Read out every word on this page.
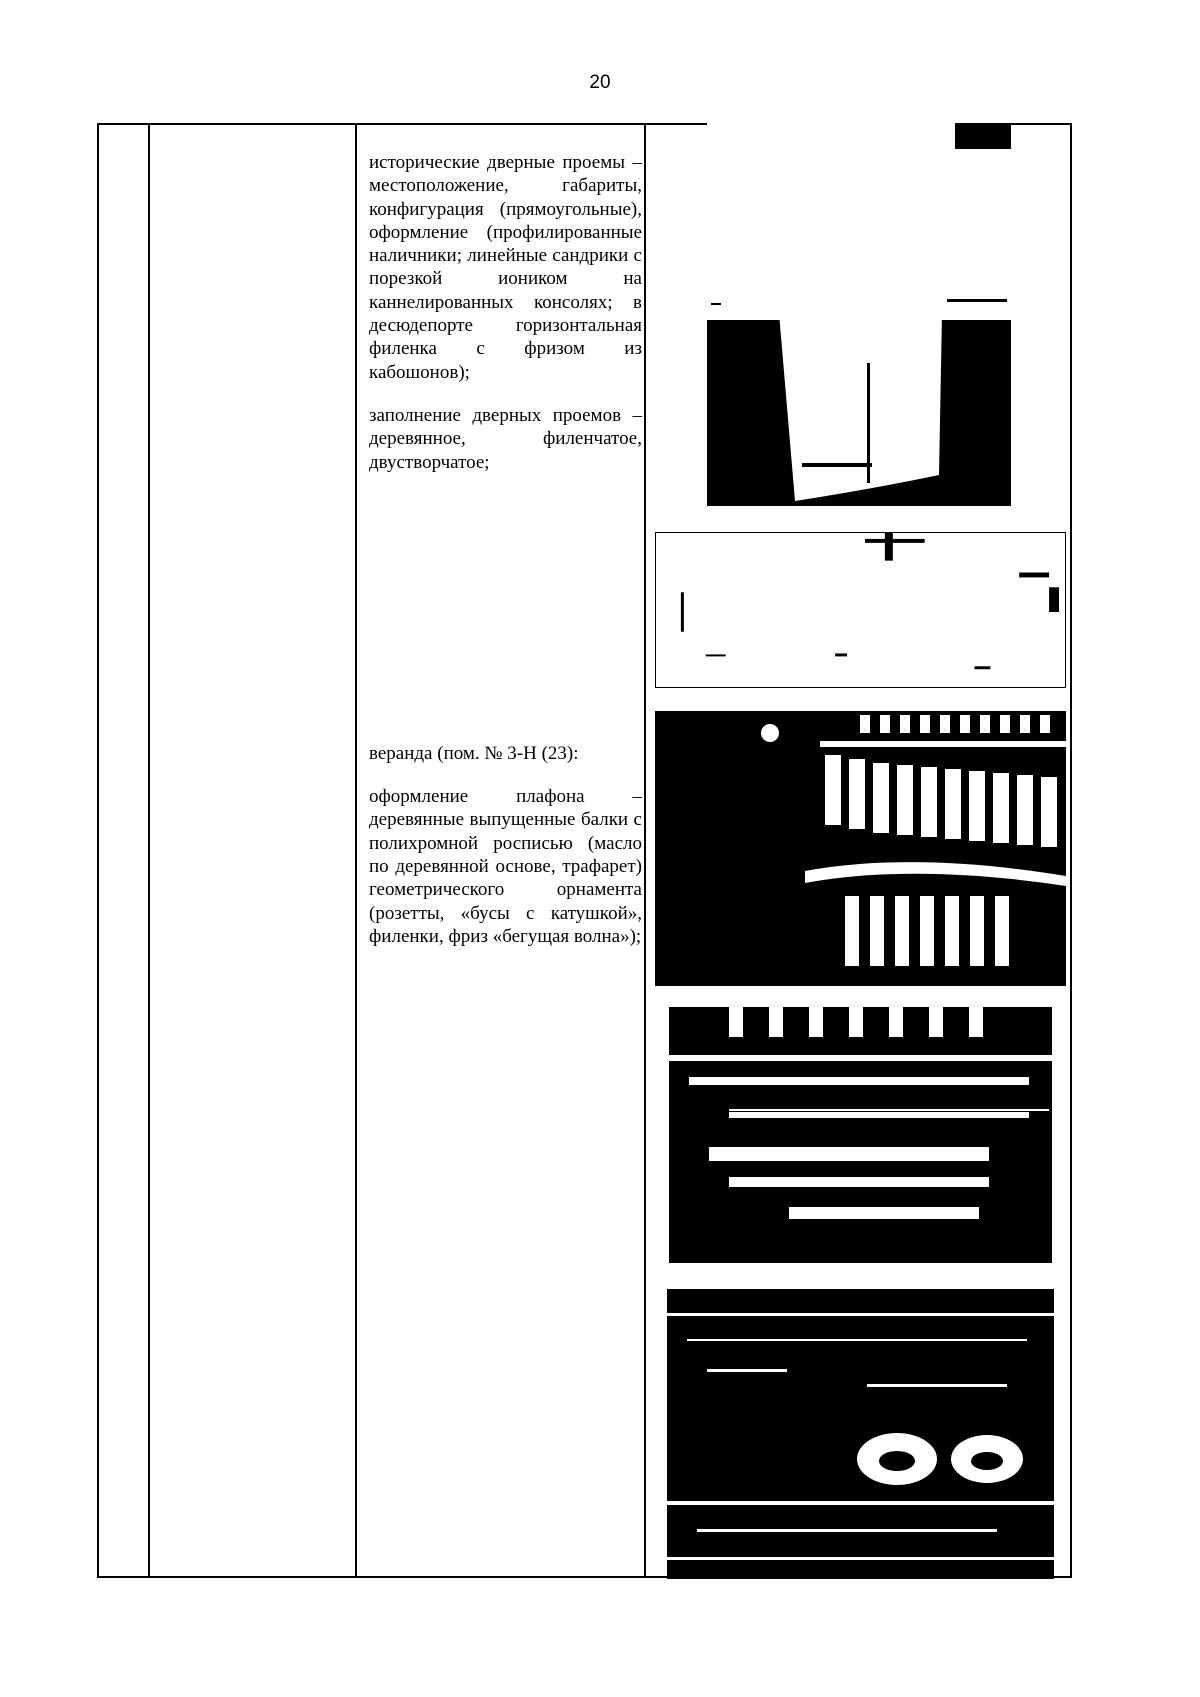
20

исторические дверные проемы – местоположение, габариты, конфигурация (прямоугольные), оформление (профилированные наличники; линейные сандрики с порезкой иоником на каннелированных консолях; в десюдепорте горизонтальная филенка с фризом из кабошонов);

заполнение дверных проемов – деревянное, филенчатое, двустворчатое;

веранда (пом. № 3-Н (23):

оформление плафона – деревянные выпущенные балки с полихромной росписью (масло по деревянной основе, трафарет) геометрического орнамента (розетты, «бусы с катушкой», филенки, фриз «бегущая волна»);
